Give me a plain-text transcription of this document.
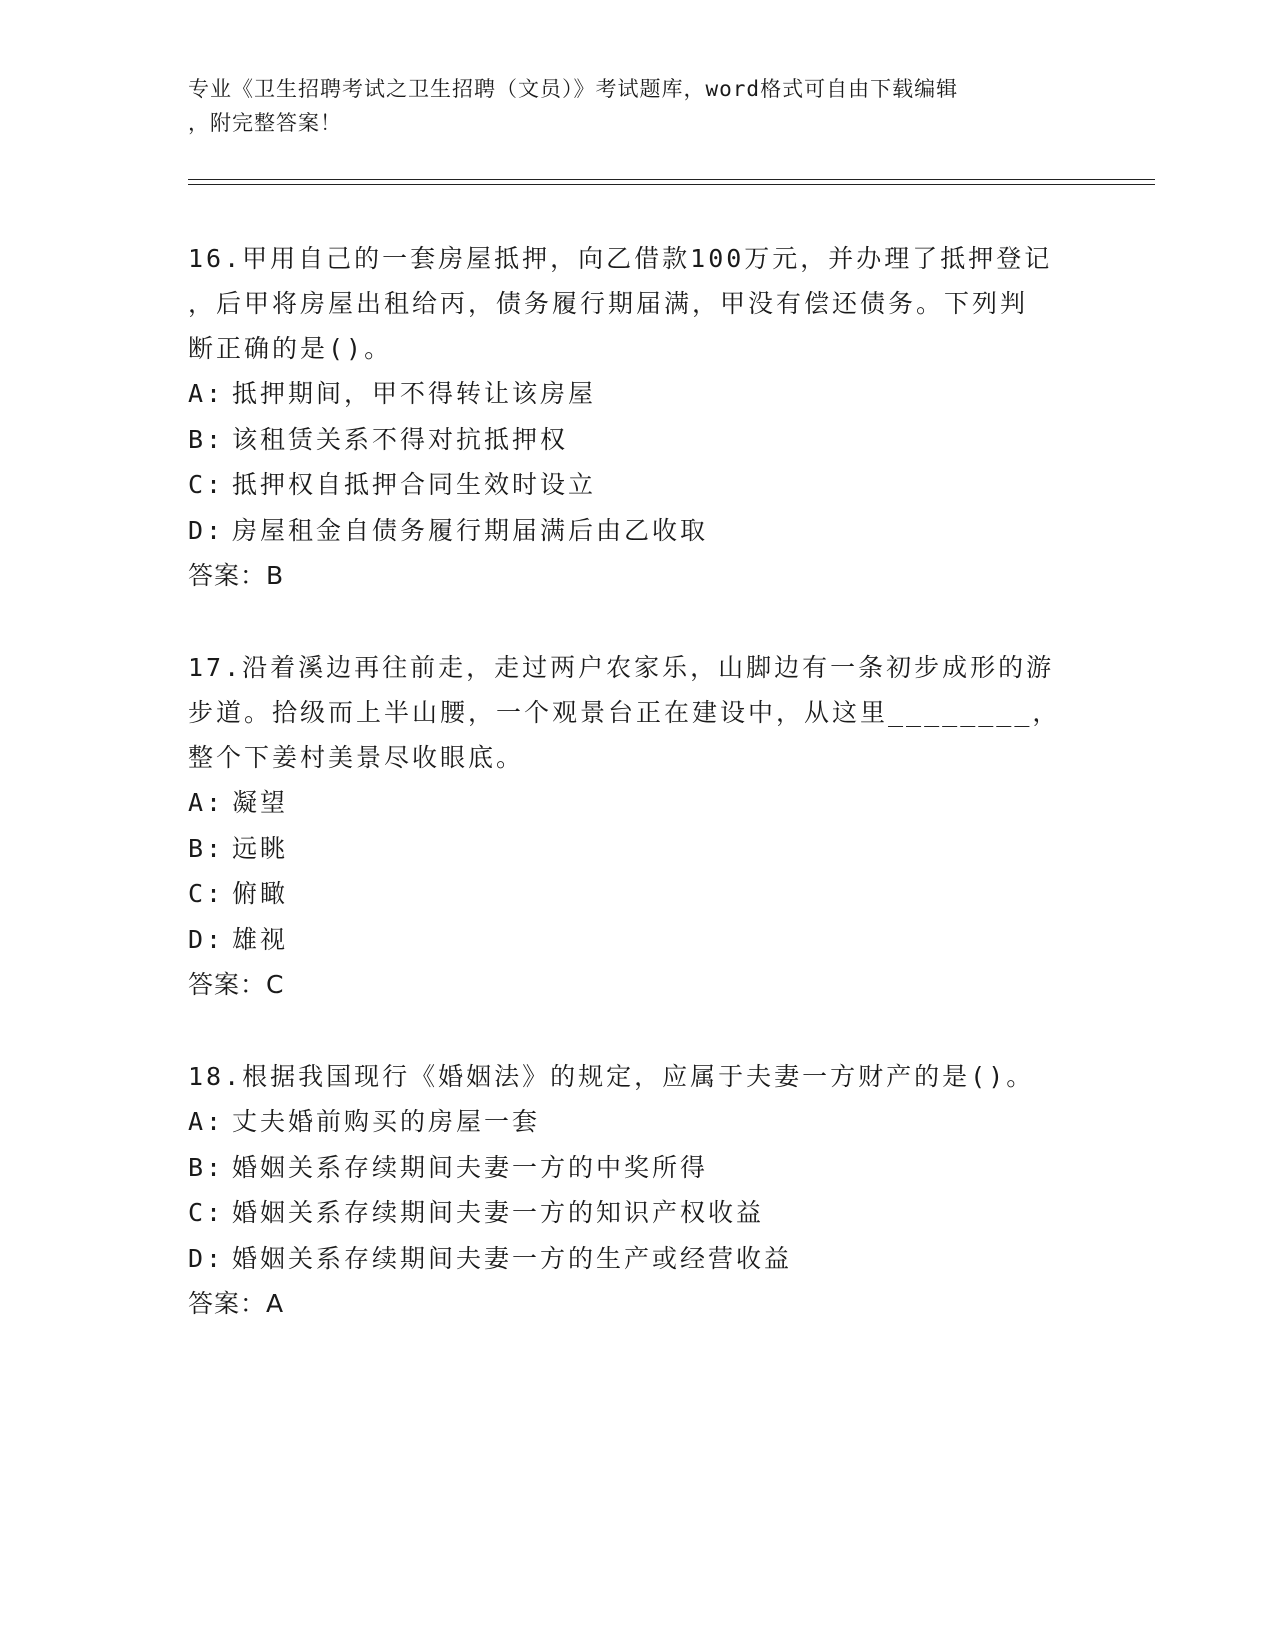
专业《卫生招聘考试之卫生招聘（文员）》考试题库，word格式可自由下载编辑
，附完整答案！
16.甲用自己的一套房屋抵押，向乙借款100万元，并办理了抵押登记
，后甲将房屋出租给丙，债务履行期届满，甲没有偿还债务。下列判
断正确的是()。
A: 抵押期间，甲不得转让该房屋
B: 该租赁关系不得对抗抵押权
C: 抵押权自抵押合同生效时设立
D: 房屋租金自债务履行期届满后由乙收取
答案：B
17.沿着溪边再往前走，走过两户农家乐，山脚边有一条初步成形的游
步道。拾级而上半山腰，一个观景台正在建设中，从这里________，
整个下姜村美景尽收眼底。
A: 凝望
B: 远眺
C: 俯瞰
D: 雄视
答案：C
18.根据我国现行《婚姻法》的规定，应属于夫妻一方财产的是()。
A: 丈夫婚前购买的房屋一套
B: 婚姻关系存续期间夫妻一方的中奖所得
C: 婚姻关系存续期间夫妻一方的知识产权收益
D: 婚姻关系存续期间夫妻一方的生产或经营收益
答案：A
